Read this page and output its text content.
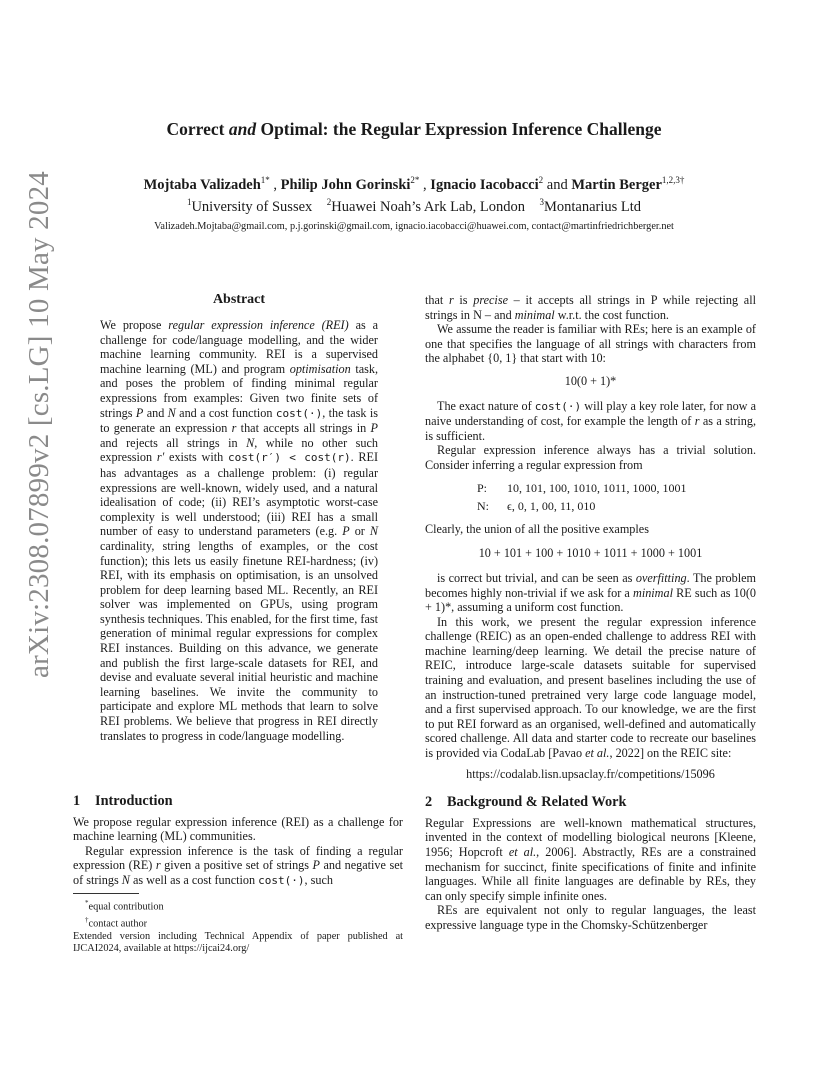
arXiv:2308.07899v2 [cs.LG] 10 May 2024
Correct and Optimal: the Regular Expression Inference Challenge
Mojtaba Valizadeh$^{1*}$ , Philip John Gorinski$^{2*}$ , Ignacio Iacobacci$^2$ and Martin Berger$^{1,2,3\dagger}$
$^1$University of Sussex $^2$Huawei Noah’s Ark Lab, London $^3$Montanarius Ltd
Valizadeh.Mojtaba@gmail.com, p.j.gorinski@gmail.com, ignacio.iacobacci@huawei.com, contact@martinfriedrichberger.net
Abstract
We propose regular expression inference (REI) as a challenge for code/language modelling, and the wider machine learning community. REI is a supervised machine learning (ML) and program optimisation task, and poses the problem of finding minimal regular expressions from examples: Given two finite sets of strings P and N and a cost function cost(·), the task is to generate an expression r that accepts all strings in P and rejects all strings in N, while no other such expression r′ exists with cost(r′) < cost(r). REI has advantages as a challenge problem: (i) regular expressions are well-known, widely used, and a natural idealisation of code; (ii) REI’s asymptotic worst-case complexity is well understood; (iii) REI has a small number of easy to understand parameters (e.g. P or N cardinality, string lengths of examples, or the cost function); this lets us easily finetune REI-hardness; (iv) REI, with its emphasis on optimisation, is an unsolved problem for deep learning based ML. Recently, an REI solver was implemented on GPUs, using program synthesis techniques. This enabled, for the first time, fast generation of minimal regular expressions for complex REI instances. Building on this advance, we generate and publish the first large-scale datasets for REI, and devise and evaluate several initial heuristic and machine learning baselines. We invite the community to participate and explore ML methods that learn to solve REI problems. We believe that progress in REI directly translates to progress in code/language modelling.
1 Introduction

We propose regular expression inference (REI) as a challenge for machine learning (ML) communities.

Regular expression inference is the task of finding a regular expression (RE) r given a positive set of strings P and negative set of strings N as well as a cost function cost(·), such

*equal contribution
†contact author
Extended version including Technical Appendix of paper published at IJCAI2024, available at https://ijcai24.org/

that r is precise – it accepts all strings in P while rejecting all strings in N – and minimal w.r.t. the cost function.

We assume the reader is familiar with REs; here is an example of one that specifies the language of all strings with characters from the alphabet {0, 1} that start with 10:

10(0 + 1)*

The exact nature of cost(·) will play a key role later, for now a naive understanding of cost, for example the length of r as a string, is sufficient.

Regular expression inference always has a trivial solution. Consider inferring a regular expression from

P:	10, 101, 100, 1010, 1011, 1000, 1001
N:	ϵ, 0, 1, 00, 11, 010

Clearly, the union of all the positive examples

10 + 101 + 100 + 1010 + 1011 + 1000 + 1001

is correct but trivial, and can be seen as overfitting. The problem becomes highly non-trivial if we ask for a minimal RE such as 10(0 + 1)*, assuming a uniform cost function.

In this work, we present the regular expression inference challenge (REIC) as an open-ended challenge to address REI with machine learning/deep learning. We detail the precise nature of REIC, introduce large-scale datasets suitable for supervised training and evaluation, and present baselines including the use of an instruction-tuned pretrained very large code language model, and a first supervised approach. To our knowledge, we are the first to put REI forward as an organised, well-defined and automatically scored challenge. All data and starter code to recreate our baselines is provided via CodaLab [Pavao et al., 2022] on the REIC site:

https://codalab.lisn.upsaclay.fr/competitions/15096

2 Background & Related Work

Regular Expressions are well-known mathematical structures, invented in the context of modelling biological neurons [Kleene, 1956; Hopcroft et al., 2006]. Abstractly, REs are a constrained mechanism for succinct, finite specifications of finite and infinite languages. While all finite languages are definable by REs, they can only specify simple infinite ones.

REs are equivalent not only to regular languages, the least expressive language type in the Chomsky-Schützenberger
